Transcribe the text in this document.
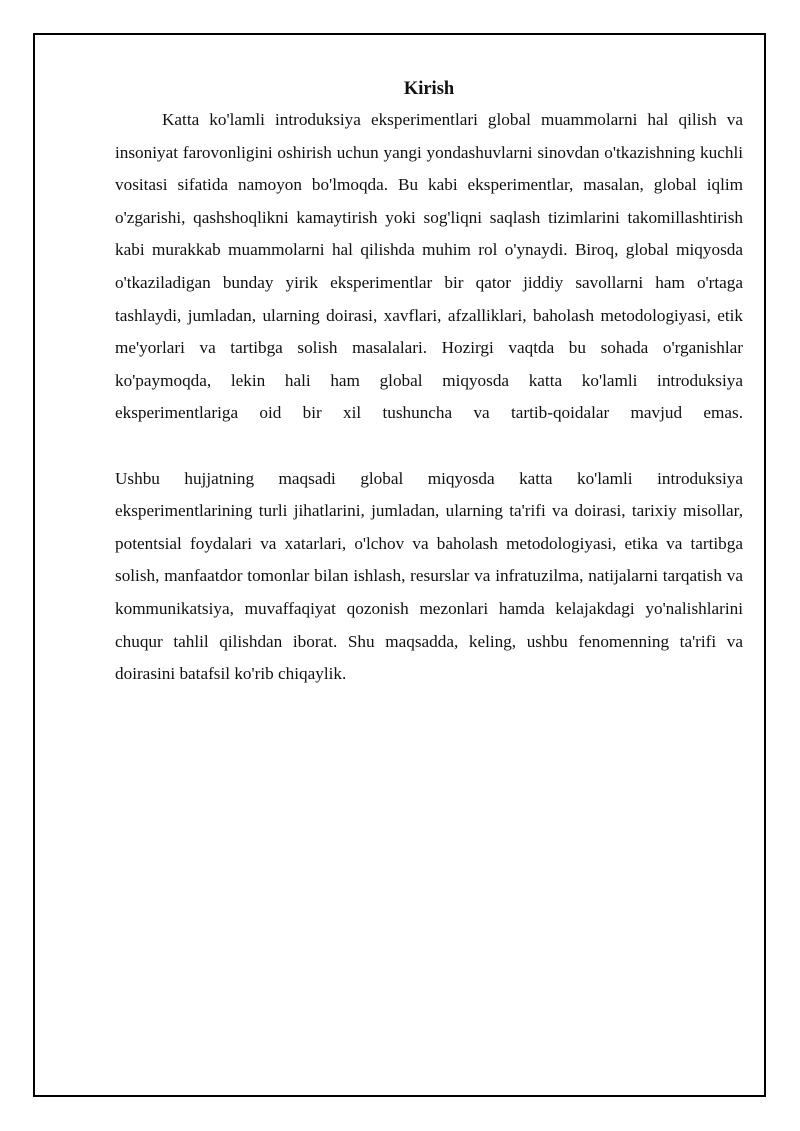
Kirish

Katta ko'lamli introduksiya eksperimentlari global muammolarni hal qilish va insoniyat farovonligini oshirish uchun yangi yondashuvlarni sinovdan o'tkazishning kuchli vositasi sifatida namoyon bo'lmoqda. Bu kabi eksperimentlar, masalan, global iqlim o'zgarishi, qashshoqlikni kamaytirish yoki sog'liqni saqlash tizimlarini takomillashtirish kabi murakkab muammolarni hal qilishda muhim rol o'ynaydi. Biroq, global miqyosda o'tkaziladigan bunday yirik eksperimentlar bir qator jiddiy savollarni ham o'rtaga tashlaydi, jumladan, ularning doirasi, xavflari, afzalliklari, baholash metodologiyasi, etik me'yorlari va tartibga solish masalalari. Hozirgi vaqtda bu sohada o'rganishlar ko'paymoqda, lekin hali ham global miqyosda katta ko'lamli introduksiya eksperimentlariga oid bir xil tushuncha va tartib-qoidalar mavjud emas.

Ushbu hujjatning maqsadi global miqyosda katta ko'lamli introduksiya eksperimentlarining turli jihatlarini, jumladan, ularning ta'rifi va doirasi, tarixiy misollar, potentsial foydalari va xatarlari, o'lchov va baholash metodologiyasi, etika va tartibga solish, manfaatdor tomonlar bilan ishlash, resurslar va infratuzilma, natijalarni tarqatish va kommunikatsiya, muvaffaqiyat qozonish mezonlari hamda kelajakdagi yo'nalishlarini chuqur tahlil qilishdan iborat. Shu maqsadda, keling, ushbu fenomenning ta'rifi va doirasini batafsil ko'rib chiqaylik.
